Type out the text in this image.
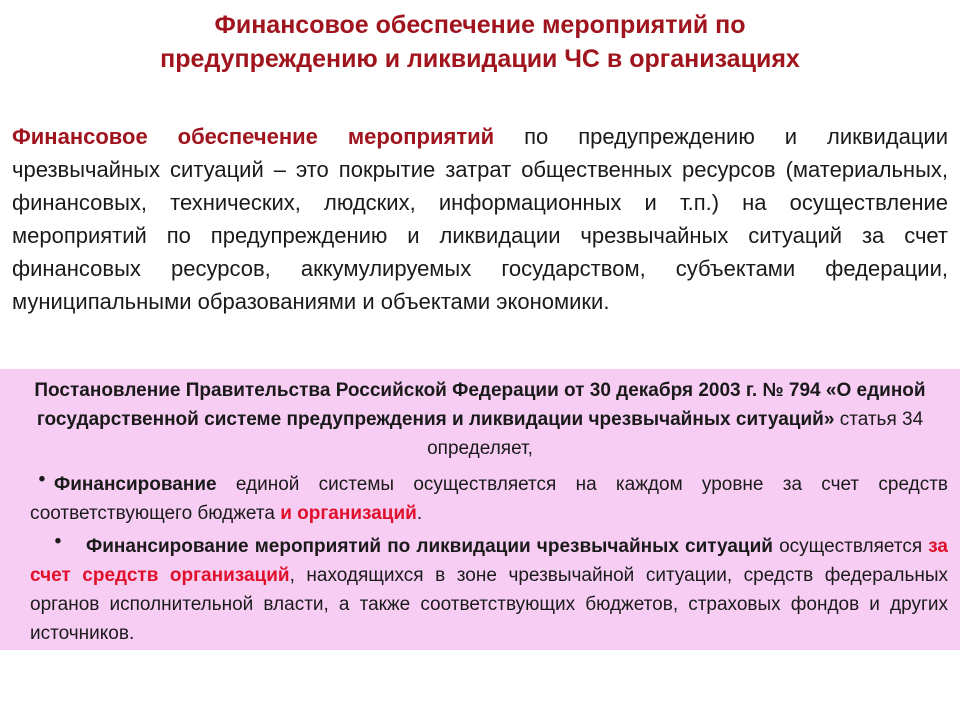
Финансовое обеспечение мероприятий по
предупреждению и ликвидации ЧС в организациях
Финансовое обеспечение мероприятий по предупреждению и ликвидации чрезвычайных ситуаций – это покрытие затрат общественных ресурсов (материальных, финансовых, технических, людских, информационных и т.п.) на осуществление мероприятий по предупреждению и ликвидации чрезвычайных ситуаций за счет финансовых ресурсов, аккумулируемых государством, субъектами федерации, муниципальными образованиями и объектами экономики.
Постановление Правительства Российской Федерации от 30 декабря 2003 г. № 794 «О единой государственной системе предупреждения и ликвидации чрезвычайных ситуаций» статья 34 определяет,
• Финансирование единой системы осуществляется на каждом уровне за счет средств соответствующего бюджета и организаций.
• Финансирование мероприятий по ликвидации чрезвычайных ситуаций осуществляется за счет средств организаций, находящихся в зоне чрезвычайной ситуации, средств федеральных органов исполнительной власти, а также соответствующих бюджетов, страховых фондов и других источников.
